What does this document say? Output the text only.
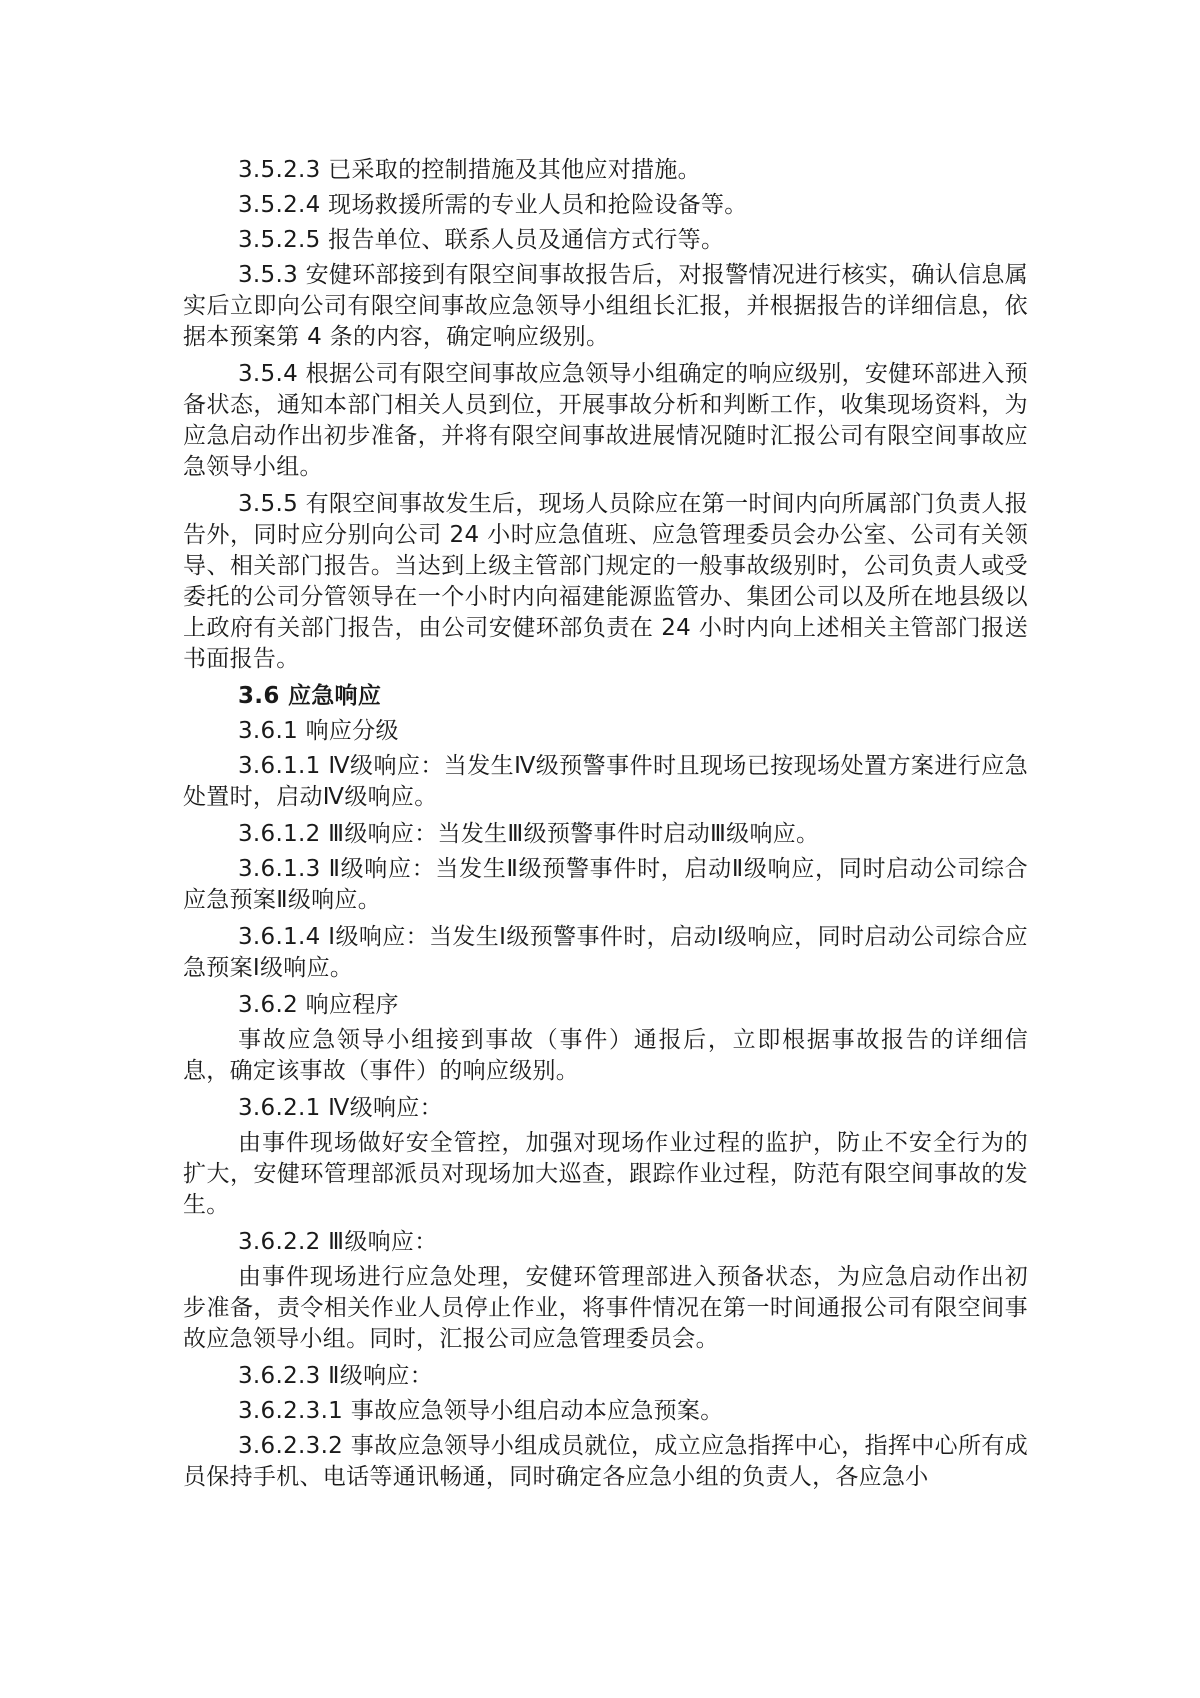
3.5.2.3 已采取的控制措施及其他应对措施。

3.5.2.4 现场救援所需的专业人员和抢险设备等。

3.5.2.5 报告单位、联系人员及通信方式行等。

3.5.3 安健环部接到有限空间事故报告后，对报警情况进行核实，确认信息属实后立即向公司有限空间事故应急领导小组组长汇报，并根据报告的详细信息，依据本预案第 4 条的内容，确定响应级别。

3.5.4 根据公司有限空间事故应急领导小组确定的响应级别，安健环部进入预备状态，通知本部门相关人员到位，开展事故分析和判断工作，收集现场资料，为应急启动作出初步准备，并将有限空间事故进展情况随时汇报公司有限空间事故应急领导小组。

3.5.5 有限空间事故发生后，现场人员除应在第一时间内向所属部门负责人报告外，同时应分别向公司 24 小时应急值班、应急管理委员会办公室、公司有关领导、相关部门报告。当达到上级主管部门规定的一般事故级别时，公司负责人或受委托的公司分管领导在一个小时内向福建能源监管办、集团公司以及所在地县级以上政府有关部门报告，由公司安健环部负责在 24 小时内向上述相关主管部门报送书面报告。

3.6 应急响应

3.6.1 响应分级

3.6.1.1 Ⅳ级响应：当发生Ⅳ级预警事件时且现场已按现场处置方案进行应急处置时，启动Ⅳ级响应。

3.6.1.2 Ⅲ级响应：当发生Ⅲ级预警事件时启动Ⅲ级响应。

3.6.1.3 Ⅱ级响应：当发生Ⅱ级预警事件时，启动Ⅱ级响应，同时启动公司综合应急预案Ⅱ级响应。

3.6.1.4 Ⅰ级响应：当发生Ⅰ级预警事件时，启动Ⅰ级响应，同时启动公司综合应急预案Ⅰ级响应。

3.6.2 响应程序

事故应急领导小组接到事故（事件）通报后，立即根据事故报告的详细信息，确定该事故（事件）的响应级别。

3.6.2.1 Ⅳ级响应：

由事件现场做好安全管控，加强对现场作业过程的监护，防止不安全行为的扩大，安健环管理部派员对现场加大巡查，跟踪作业过程，防范有限空间事故的发生。

3.6.2.2 Ⅲ级响应：

由事件现场进行应急处理，安健环管理部进入预备状态，为应急启动作出初步准备，责令相关作业人员停止作业，将事件情况在第一时间通报公司有限空间事故应急领导小组。同时，汇报公司应急管理委员会。

3.6.2.3 Ⅱ级响应：

3.6.2.3.1 事故应急领导小组启动本应急预案。

3.6.2.3.2 事故应急领导小组成员就位，成立应急指挥中心，指挥中心所有成员保持手机、电话等通讯畅通，同时确定各应急小组的负责人，各应急小
